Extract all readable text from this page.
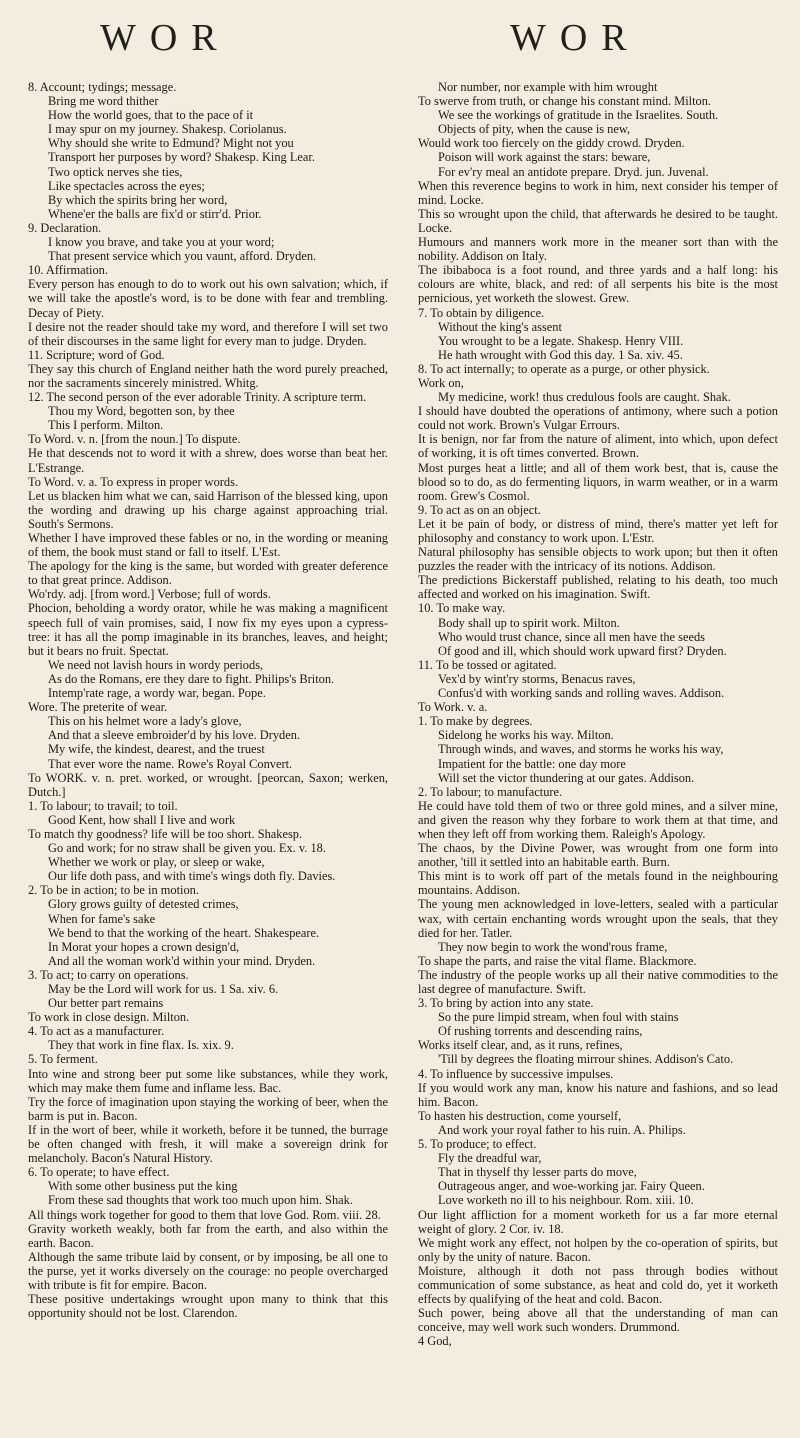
WOR	WOR
8. Account; tydings; message.
Bring me word thither
How the world goes, that to the pace of it
I may spur on my journey. Shakesp. Coriolanus.
Why should she write to Edmund? Might not you
Transport her purposes by word? Shakesp. King Lear.
Two optick nerves she ties,
Like spectacles across the eyes;
By which the spirits bring her word,
Whene'er the balls are fix'd or stirr'd. Prior.
9. Declaration.
I know you brave, and take you at your word;
That present service which you vaunt, afford. Dryden.
10. Affirmation.
Every person has enough to do to work out his own salvation; which, if we will take the apostle's word, is to be done with fear and trembling. Decay of Piety.
I desire not the reader should take my word, and therefore I will set two of their discourses in the same light for every man to judge. Dryden.
11. Scripture; word of God.
They say this church of England neither hath the word purely preached, nor the sacraments sincerely ministred. Whitg.
12. The second person of the ever adorable Trinity. A scripture term.
Thou my Word, begotten son, by thee
This I perform. Milton.
To Word. v. n. [from the noun.] To dispute.
He that descends not to word it with a shrew, does worse than beat her. L'Estrange.
To Word. v. a. To express in proper words.
Let us blacken him what we can, said Harrison of the blessed king, upon the wording and drawing up his charge against approaching trial. South's Sermons.
Whether I have improved these fables or no, in the wording or meaning of them, the book must stand or fall to itself. L'Est.
The apology for the king is the same, but worded with greater deference to that great prince. Addison.
Wo'rdy. adj. [from word.] Verbose; full of words.
Phocion, beholding a wordy orator, while he was making a magnificent speech full of vain promises, said, I now fix my eyes upon a cypress-tree: it has all the pomp imaginable in its branches, leaves, and height; but it bears no fruit. Spectat.
We need not lavish hours in wordy periods,
As do the Romans, ere they dare to fight. Philips's Briton.
Intemp'rate rage, a wordy war, began. Pope.
Wore. The preterite of wear.
This on his helmet wore a lady's glove,
And that a sleeve embroider'd by his love. Dryden.
My wife, the kindest, dearest, and the truest
That ever wore the name. Rowe's Royal Convert.
To WORK. v. n. pret. worked, or wrought. [peorcan, Saxon; werken, Dutch.]
1. To labour; to travail; to toil.
Good Kent, how shall I live and work
To match thy goodness? life will be too short. Shakesp.
Go and work; for no straw shall be given you. Ex. v. 18.
Whether we work or play, or sleep or wake,
Our life doth pass, and with time's wings doth fly. Davies.
2. To be in action; to be in motion.
Glory grows guilty of detested crimes,
When for fame's sake
We bend to that the working of the heart. Shakespeare.
In Morat your hopes a crown design'd,
And all the woman work'd within your mind. Dryden.
3. To act; to carry on operations.
May be the Lord will work for us. 1 Sa. xiv. 6.
Our better part remains
To work in close design. Milton.
4. To act as a manufacturer.
They that work in fine flax. Is. xix. 9.
5. To ferment.
Into wine and strong beer put some like substances, while they work, which may make them fume and inflame less. Bac.
Try the force of imagination upon staying the working of beer, when the barm is put in. Bacon.
If in the wort of beer, while it worketh, before it be tunned, the burrage be often changed with fresh, it will make a sovereign drink for melancholy. Bacon's Natural History.
6. To operate; to have effect.
With some other business put the king
From these sad thoughts that work too much upon him. Shak.
All things work together for good to them that love God. Rom. viii. 28.
Gravity worketh weakly, both far from the earth, and also within the earth. Bacon.
Although the same tribute laid by consent, or by imposing, be all one to the purse, yet it works diversely on the courage: no people overcharged with tribute is fit for empire. Bacon.
These positive undertakings wrought upon many to think that this opportunity should not be lost. Clarendon.
Nor number, nor example with him wrought
To swerve from truth, or change his constant mind. Milton.
We see the workings of gratitude in the Israelites. South.
Objects of pity, when the cause is new,
Would work too fiercely on the giddy crowd. Dryden.
Poison will work against the stars: beware,
For ev'ry meal an antidote prepare. Dryd. jun. Juvenal.
When this reverence begins to work in him, next consider his temper of mind. Locke.
This so wrought upon the child, that afterwards he desired to be taught. Locke.
Humours and manners work more in the meaner sort than with the nobility. Addison on Italy.
The ibibaboca is a foot round, and three yards and a half long: his colours are white, black, and red: of all serpents his bite is the most pernicious, yet worketh the slowest. Grew.
7. To obtain by diligence.
Without the king's assent
You wrought to be a legate. Shakesp. Henry VIII.
He hath wrought with God this day. 1 Sa. xiv. 45.
8. To act internally; to operate as a purge, or other physick.
Work on,
My medicine, work! thus credulous fools are caught. Shak.
I should have doubted the operations of antimony, where such a potion could not work. Brown's Vulgar Errours.
It is benign, nor far from the nature of aliment, into which, upon defect of working, it is oft times converted. Brown.
Most purges heat a little; and all of them work best, that is, cause the blood so to do, as do fermenting liquors, in warm weather, or in a warm room. Grew's Cosmol.
9. To act as on an object.
Let it be pain of body, or distress of mind, there's matter yet left for philosophy and constancy to work upon. L'Estr.
Natural philosophy has sensible objects to work upon; but then it often puzzles the reader with the intricacy of its notions. Addison.
The predictions Bickerstaff published, relating to his death, too much affected and worked on his imagination. Swift.
10. To make way.
Body shall up to spirit work. Milton.
Who would trust chance, since all men have the seeds
Of good and ill, which should work upward first? Dryden.
11. To be tossed or agitated.
Vex'd by wint'ry storms, Benacus raves,
Confus'd with working sands and rolling waves. Addison.
To Work. v. a.
1. To make by degrees.
Sidelong he works his way. Milton.
Through winds, and waves, and storms he works his way,
Impatient for the battle: one day more
Will set the victor thundering at our gates. Addison.
2. To labour; to manufacture.
He could have told them of two or three gold mines, and a silver mine, and given the reason why they forbare to work them at that time, and when they left off from working them. Raleigh's Apology.
The chaos, by the Divine Power, was wrought from one form into another, 'till it settled into an habitable earth. Burn.
This mint is to work off part of the metals found in the neighbouring mountains. Addison.
The young men acknowledged in love-letters, sealed with a particular wax, with certain enchanting words wrought upon the seals, that they died for her. Tatler.
They now begin to work the wond'rous frame,
To shape the parts, and raise the vital flame. Blackmore.
The industry of the people works up all their native commodities to the last degree of manufacture. Swift.
3. To bring by action into any state.
So the pure limpid stream, when foul with stains
Of rushing torrents and descending rains,
Works itself clear, and, as it runs, refines,
'Till by degrees the floating mirrour shines. Addison's Cato.
4. To influence by successive impulses.
If you would work any man, know his nature and fashions, and so lead him. Bacon.
To hasten his destruction, come yourself,
And work your royal father to his ruin. A. Philips.
5. To produce; to effect.
Fly the dreadful war,
That in thyself thy lesser parts do move,
Outrageous anger, and woe-working jar. Fairy Queen.
Love worketh no ill to his neighbour. Rom. xiii. 10.
Our light affliction for a moment worketh for us a far more eternal weight of glory. 2 Cor. iv. 18.
We might work any effect, not holpen by the co-operation of spirits, but only by the unity of nature. Bacon.
Moisture, although it doth not pass through bodies without communication of some substance, as heat and cold do, yet it worketh effects by qualifying of the heat and cold. Bacon.
Such power, being above all that the understanding of man can conceive, may well work such wonders. Drummond.
4 God,
